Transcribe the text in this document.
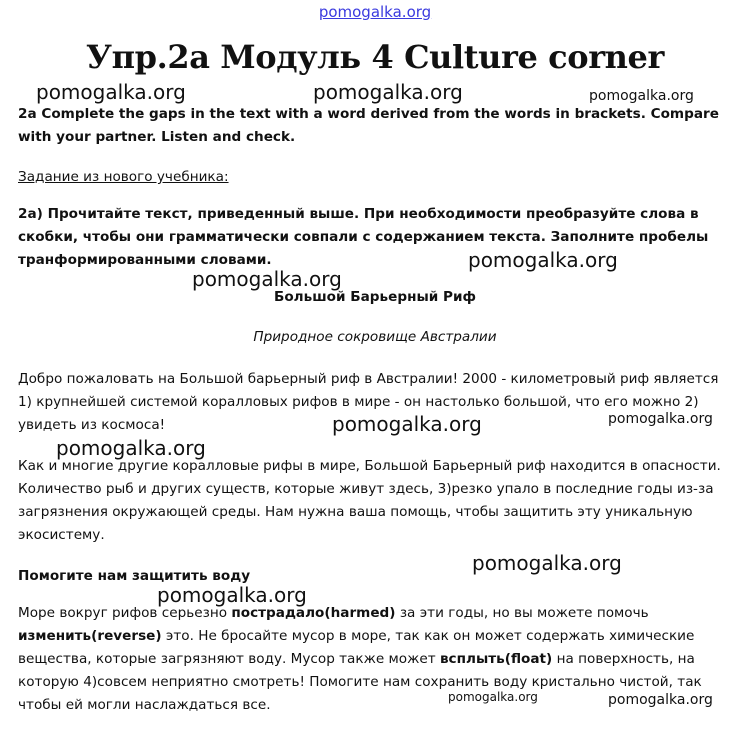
pomogalka.org
Упр.2а Модуль 4 Culture corner
2a Complete the gaps in the text with a word derived from the words in brackets. Compare with your partner. Listen and check.
Задание из нового учебника:
2а) Прочитайте текст, приведенный выше. При необходимости преобразуйте слова в скобки, чтобы они грамматически совпали с содержанием текста. Заполните пробелы транформированными словами.
Большой Барьерный Риф
Природное сокровище Австралии
Добро пожаловать на Большой барьерный риф в Австралии! 2000 - километровый риф является 1) крупнейшей системой коралловых рифов в мире - он настолько большой, что его можно 2) увидеть из космоса!
Как и многие другие коралловые рифы в мире, Большой Барьерный риф находится в опасности. Количество рыб и других существ, которые живут здесь, 3)резко упало в последние годы из-за загрязнения окружающей среды. Нам нужна ваша помощь, чтобы защитить эту уникальную экосистему.
Помогите нам защитить воду
Море вокруг рифов серьезно пострадало(harmed) за эти годы, но вы можете помочь изменить(reverse) это. Не бросайте мусор в море, так как он может содержать химические вещества, которые загрязняют воду. Мусор также может всплыть(float) на поверхность, на которую 4)совсем неприятно смотреть! Помогите нам сохранить воду кристально чистой, так чтобы ей могли наслаждаться все.
pomogalka.org	pomogalka.org	pomogalka.org
pomogalka.org
pomogalka.org
pomogalka.org	pomogalka.org
pomogalka.org
pomogalka.org
pomogalka.org
pomogalka.org	pomogalka.org
